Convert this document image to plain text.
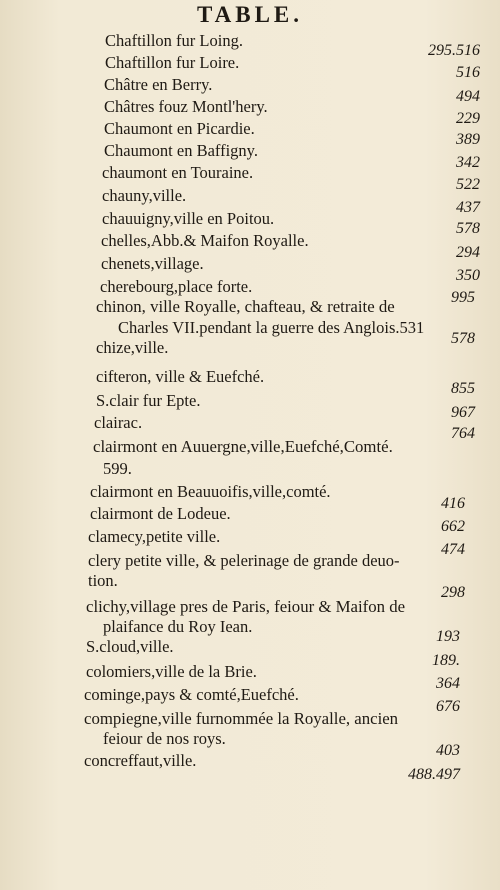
TABLE.
Chaftillon fur Loing.
295.516
Chaftillon fur Loire.
516
Châtre en Berry.
494
Châtres fouz Montl'hery.
229
Chaumont en Picardie.
389
Chaumont en Baffigny.
342
chaumont en Touraine.
522
chauny,ville.
437
chauuigny,ville en Poitou.
578
chelles,Abb.& Maifon Royalle.
294
chenets,village.
350
cherebourg,place forte.
995
chinon, ville Royalle, chafteau, & retraite de
Charles VII.pendant la guerre des Anglois.531
chize,ville.	578
cifteron, ville & Euefché.
855
S.clair fur Epte.
967
clairac.
764
clairmont en Auuergne,ville,Euefché,Comté.
599.
clairmont en Beauuoifis,ville,comté.
416
clairmont de Lodeue.
662
clamecy,petite ville.
474
clery petite ville, & pelerinage de grande deuo-
tion.
298
clichy,village pres de Paris, feiour & Maifon de
plaifance du Roy Iean.
193
S.cloud,ville.
189.
colomiers,ville de la Brie.
364
cominge,pays & comté,Euefché.
676
compiegne,ville furnommée la Royalle, ancien
feiour de nos roys.
403
concreffaut,ville.
488.497
